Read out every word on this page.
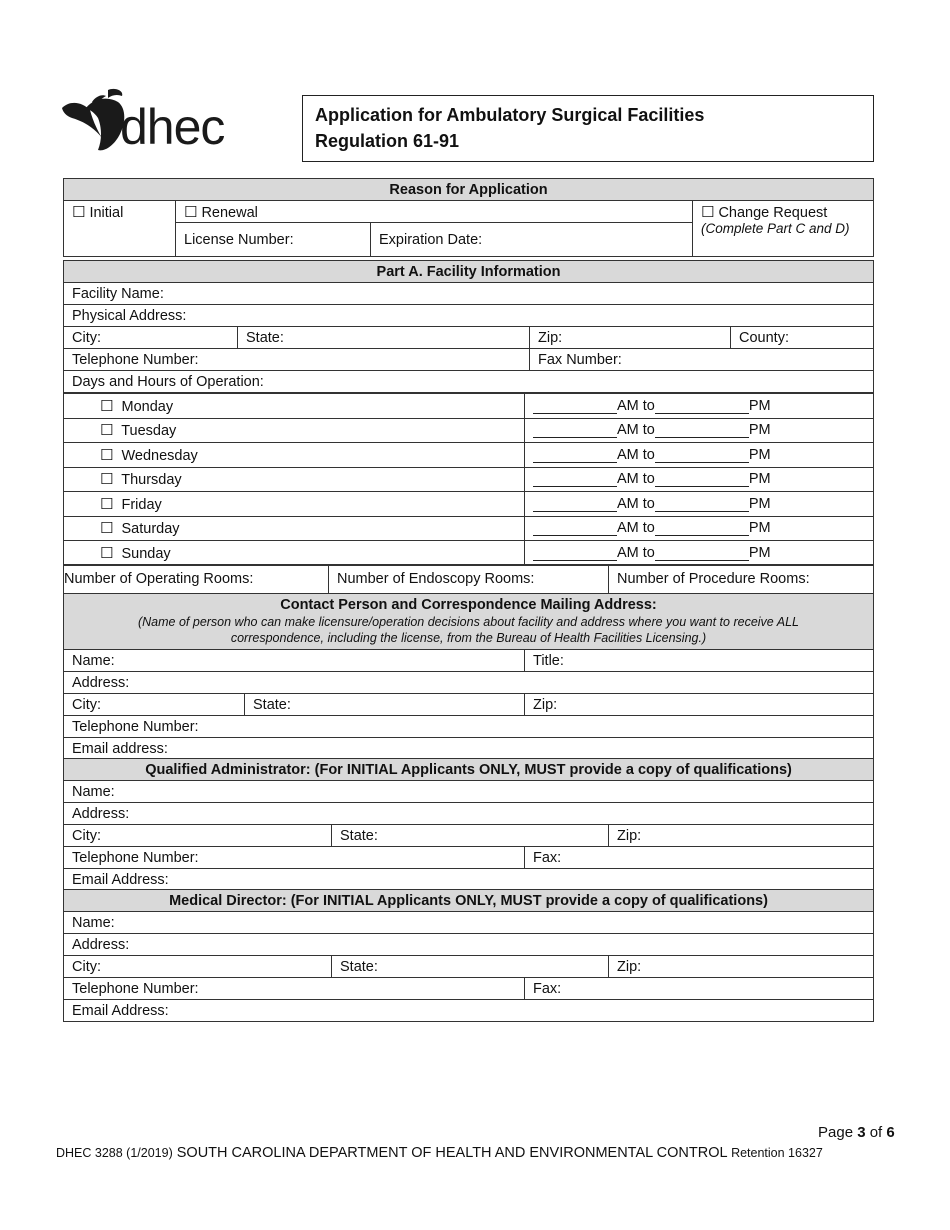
dhec	Application for Ambulatory Surgical Facilities
Regulation 61-91
Reason for Application			
☐ Initial	☐ Renewal		☐ Change Request
(Complete Part C and D)
	License Number:	Expiration Date:	
Part A. Facility Information			
Facility Name:			
Physical Address:			
City:	State:	Zip:	County:
Telephone Number:		Fax Number:	
Days and Hours of Operation:			
☐ Monday	AM to PM
☐ Tuesday	AM to PM
☐ Wednesday	AM to PM
☐ Thursday	AM to PM
☐ Friday	AM to PM
☐ Saturday	AM to PM
☐ Sunday	AM to PM
Number of Operating Rooms:	Number of Endoscopy Rooms:	Number of Procedure Rooms:
Contact Person and Correspondence Mailing Address:
(Name of person who can make licensure/operation decisions about facility and address where you want to receive ALL
correspondence, including the license, from the Bureau of Health Facilities Licensing.)		

Name:		Title:
Address:		
City:	State:	Zip:
Telephone Number:		
Email address:		
Qualified Administrator: (For INITIAL Applicants ONLY, MUST provide a copy of qualifications)			
Name:			
Address:			
City:	State:		Zip:
Telephone Number:		Fax:	
Email Address:			
Medical Director: (For INITIAL Applicants ONLY, MUST provide a copy of qualifications)			
Name:			
Address:			
City:	State:		Zip:
Telephone Number:		Fax:	
Email Address:			
Page 3 of 6
DHEC 3288 (1/2019) SOUTH CAROLINA DEPARTMENT OF HEALTH AND ENVIRONMENTAL CONTROL Retention 16327
